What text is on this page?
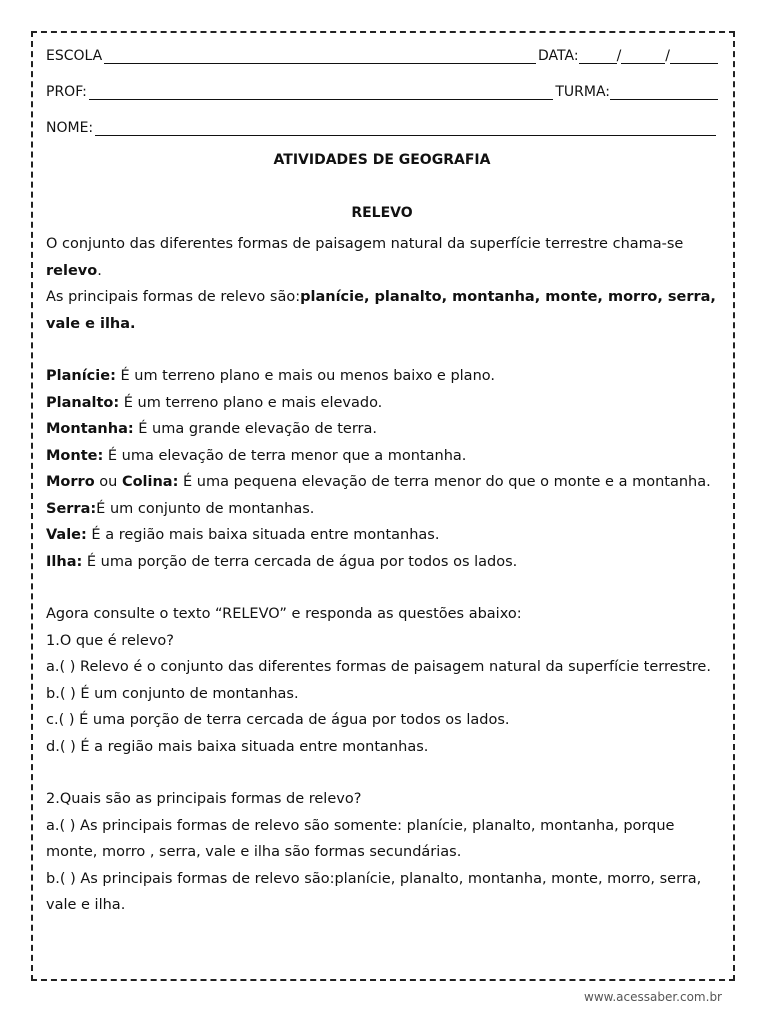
ESCOLA	DATA:	/	/
PROF:	TURMA:
NOME:
ATIVIDADES DE GEOGRAFIA
RELEVO

O conjunto das diferentes formas de paisagem natural da superfície terrestre chama-se relevo.

As principais formas de relevo são:planície, planalto, montanha, monte, morro, serra, vale e ilha.

Planície: É um terreno plano e mais ou menos baixo e plano.

Planalto: É um terreno plano e mais elevado.

Montanha: É uma grande elevação de terra.

Monte: É uma elevação de terra menor que a montanha.

Morro ou Colina: É uma pequena elevação de terra menor do que o monte e a montanha.

Serra:É um conjunto de montanhas.

Vale: É a região mais baixa situada entre montanhas.

Ilha: É uma porção de terra cercada de água por todos os lados.

Agora consulte o texto “RELEVO” e responda as questões abaixo:

1.O que é relevo?

a.( ) Relevo é o conjunto das diferentes formas de paisagem natural da superfície terrestre.

b.( ) É um conjunto de montanhas.

c.( ) É uma porção de terra cercada de água por todos os lados.

d.( ) É a região mais baixa situada entre montanhas.

2.Quais são as principais formas de relevo?

a.( ) As principais formas de relevo são somente: planície, planalto, montanha, porque monte, morro , serra, vale e ilha são formas secundárias.

b.( ) As principais formas de relevo são:planície, planalto, montanha, monte, morro, serra, vale e ilha.

www.acessaber.com.br
